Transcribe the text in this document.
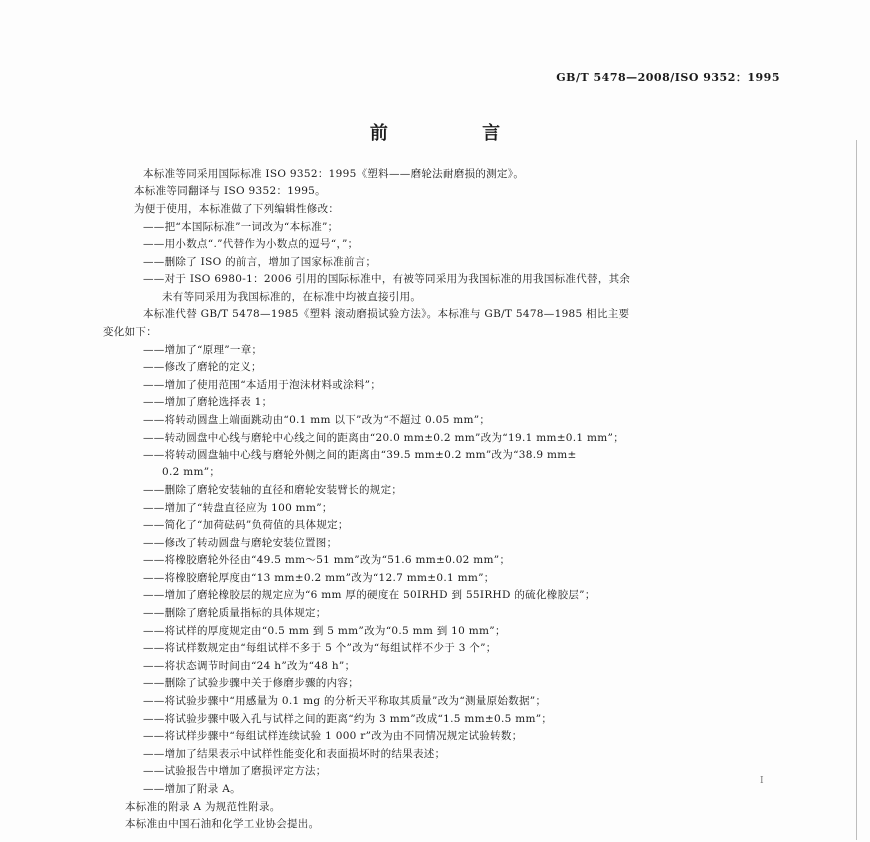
GB/T 5478—2008/ISO 9352：1995
前 言
本标准等同采用国际标准 ISO 9352：1995《塑料——磨轮法耐磨损的测定》。
本标准等同翻译与 ISO 9352：1995。
为便于使用，本标准做了下列编辑性修改：
——把“本国际标准”一词改为“本标准”；
——用小数点“.”代替作为小数点的逗号“，”；
——删除了 ISO 的前言，增加了国家标准前言；
——对于 ISO 6980-1：2006 引用的国际标准中，有被等同采用为我国标准的用我国标准代替，其余
未有等同采用为我国标准的，在标准中均被直接引用。
本标准代替 GB/T 5478—1985《塑料 滚动磨损试验方法》。本标准与 GB/T 5478—1985 相比主要
变化如下：
——增加了“原理”一章；
——修改了磨轮的定义；
——增加了使用范围“本适用于泡沫材料或涂料”；
——增加了磨轮选择表 1；
——将转动圆盘上端面跳动由“0.1 mm 以下”改为“不超过 0.05 mm”；
——转动圆盘中心线与磨轮中心线之间的距离由“20.0 mm±0.2 mm”改为“19.1 mm±0.1 mm”；
——将转动圆盘轴中心线与磨轮外侧之间的距离由“39.5 mm±0.2 mm”改为“38.9 mm±
0.2 mm”；
——删除了磨轮安装轴的直径和磨轮安装臂长的规定；
——增加了“转盘直径应为 100 mm”；
——简化了“加荷砝码”负荷值的具体规定；
——修改了转动圆盘与磨轮安装位置图；
——将橡胶磨轮外径由“49.5 mm～51 mm”改为“51.6 mm±0.02 mm”；
——将橡胶磨轮厚度由“13 mm±0.2 mm”改为“12.7 mm±0.1 mm”；
——增加了磨轮橡胶层的规定应为“6 mm 厚的硬度在 50IRHD 到 55IRHD 的硫化橡胶层”；
——删除了磨轮质量指标的具体规定；
——将试样的厚度规定由“0.5 mm 到 5 mm”改为“0.5 mm 到 10 mm”；
——将试样数规定由“每组试样不多于 5 个”改为“每组试样不少于 3 个”；
——将状态调节时间由“24 h”改为“48 h”；
——删除了试验步骤中关于修磨步骤的内容；
——将试验步骤中“用感量为 0.1 mg 的分析天平称取其质量”改为“测量原始数据”；
——将试验步骤中吸入孔与试样之间的距离“约为 3 mm”改成“1.5 mm±0.5 mm”；
——将试样步骤中“每组试样连续试验 1 000 r”改为由不同情况规定试验转数；
——增加了结果表示中试样性能变化和表面损坏时的结果表述；
——试验报告中增加了磨损评定方法；
——增加了附录 A。
本标准的附录 A 为规范性附录。
本标准由中国石油和化学工业协会提出。
I
